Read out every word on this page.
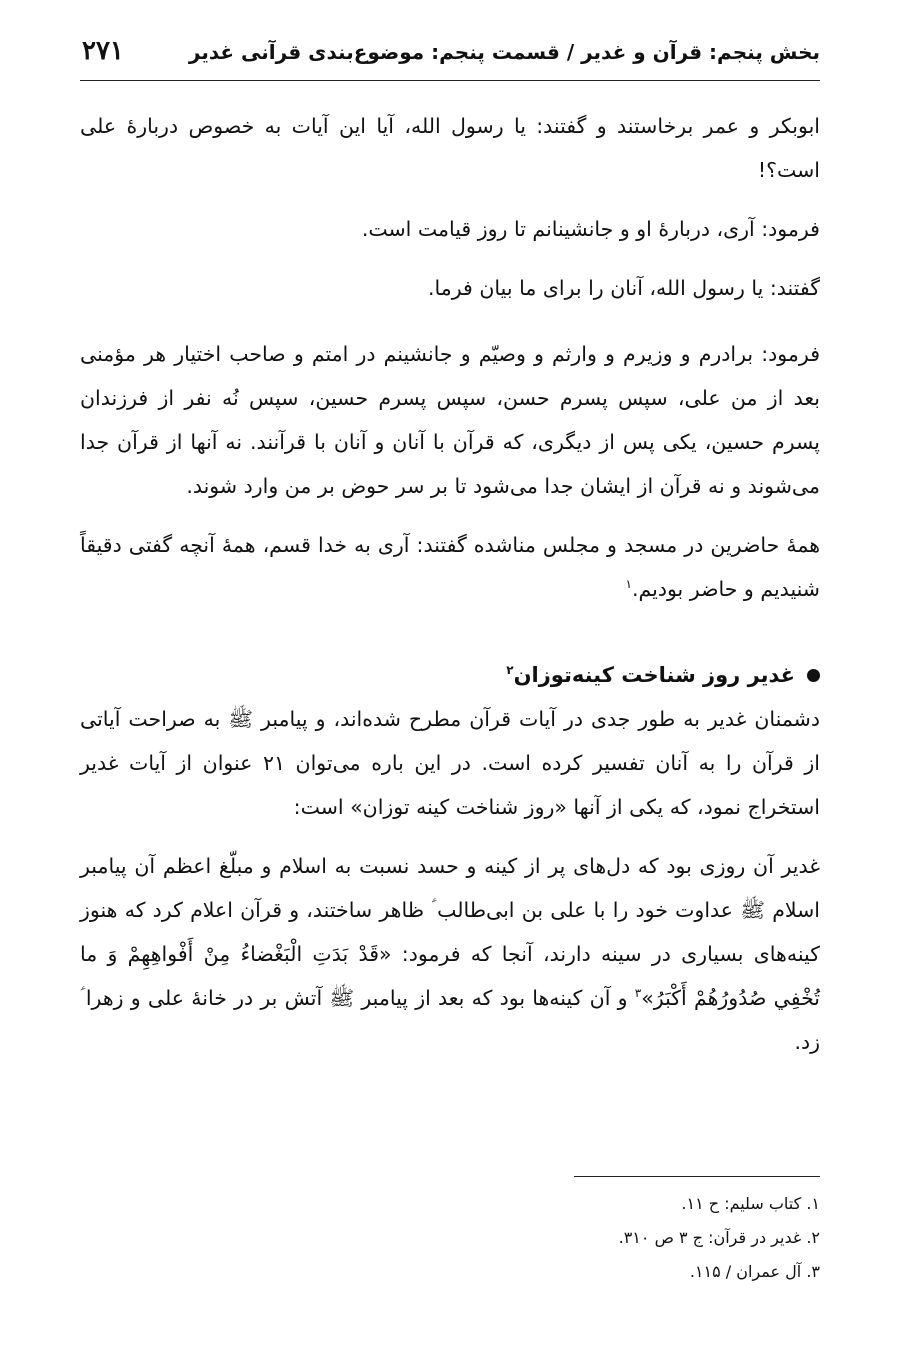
بخش پنجم: قرآن و غدیر / قسمت پنجم: موضوع‌بندی قرآنی غدیر
۲۷۱

ابوبکر و عمر برخاستند و گفتند: یا رسول الله، آیا این آیات به خصوص دربارهٔ علی است؟!

فرمود: آری، دربارهٔ او و جانشینانم تا روز قیامت است.

گفتند: یا رسول الله، آنان را برای ما بیان فرما.

فرمود: برادرم و وزیرم و وارثم و وصیّم و جانشینم در امتم و صاحب اختیار هر مؤمنی بعد از من علی، سپس پسرم حسن، سپس پسرم حسین، سپس نُه نفر از فرزندان پسرم حسین، یکی پس از دیگری، که قرآن با آنان و آنان با قرآنند. نه آنها از قرآن جدا می‌شوند و نه قرآن از ایشان جدا می‌شود تا بر سر حوض بر من وارد شوند.

همهٔ حاضرین در مسجد و مجلس مناشده گفتند: آری به خدا قسم، همهٔ آنچه گفتی دقیقاً شنیدیم و حاضر بودیم.$^۱$

غدیر روز شناخت کینه‌توزان$^۲$

دشمنان غدیر به طور جدی در آیات قرآن مطرح شده‌اند، و پیامبر ﷺ به صراحت آیاتی از قرآن را به آنان تفسیر کرده است. در این باره می‌توان ۲۱ عنوان از آیات غدیر استخراج نمود، که یکی از آنها «روز شناخت کینه توزان» است:

غدیر آن روزی بود که دل‌های پر از کینه و حسد نسبت به اسلام و مبلّغ اعظم آن پیامبر اسلام ﷺ عداوت خود را با علی بن ابی‌طالب ؑ ظاهر ساختند، و قرآن اعلام کرد که هنوز کینه‌های بسیاری در سینه دارند، آنجا که فرمود: «قَدْ بَدَتِ الْبَغْضاءُ مِنْ أَفْواهِهِمْ وَ ما تُخْفِي صُدُورُهُمْ أَكْبَرُ»$^۳$ و آن کینه‌ها بود که بعد از پیامبر ﷺ آتش بر در خانهٔ علی و زهرا ؑ زد.

۱. کتاب سلیم: ح ۱۱.
۲. غدیر در قرآن: ج ۳ ص ۳۱۰.
۳. آل عمران / ۱۱۵.
